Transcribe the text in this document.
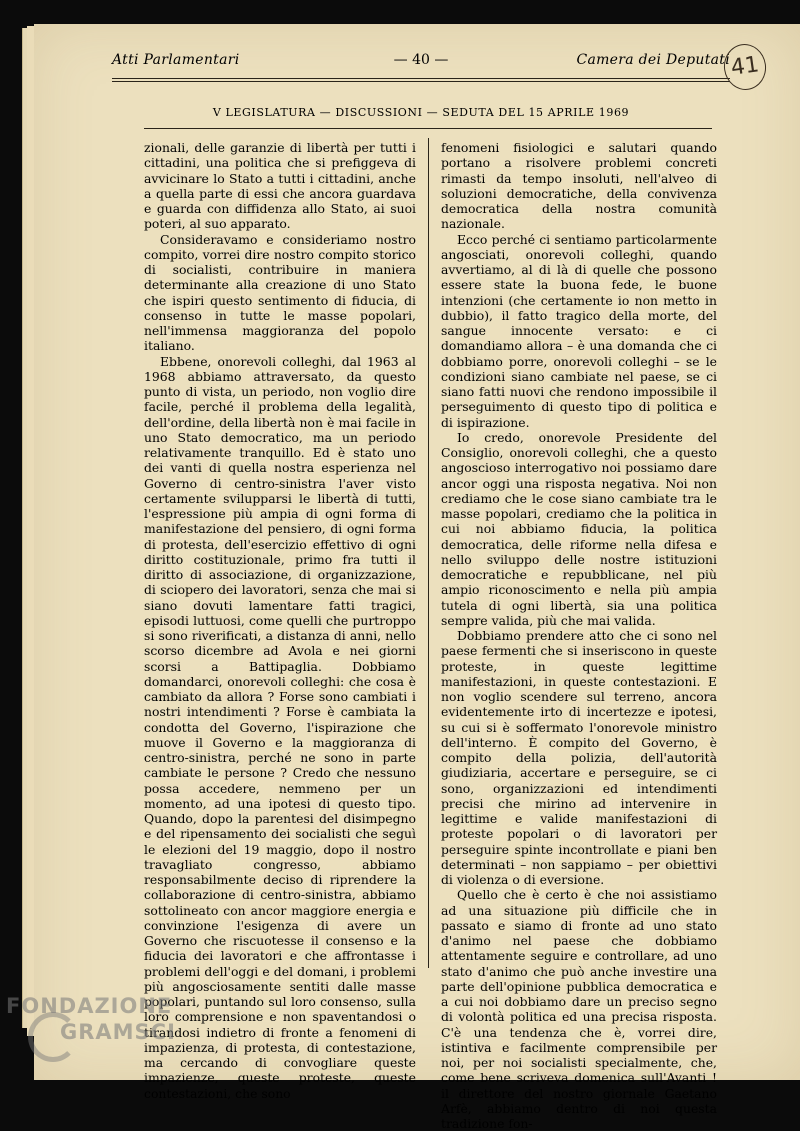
Atti Parlamentari	— 40 —	Camera dei Deputati 41
V LEGISLATURA — DISCUSSIONI — SEDUTA DEL 15 APRILE 1969

zionali, delle garanzie di libertà per tutti i cittadini, una politica che si prefiggeva di avvicinare lo Stato a tutti i cittadini, anche a quella parte di essi che ancora guardava e guarda con diffidenza allo Stato, ai suoi poteri, al suo apparato.

Consideravamo e consideriamo nostro compito, vorrei dire nostro compito storico di socialisti, contribuire in maniera determinante alla creazione di uno Stato che ispiri questo sentimento di fiducia, di consenso in tutte le masse popolari, nell'immensa maggioranza del popolo italiano.

Ebbene, onorevoli colleghi, dal 1963 al 1968 abbiamo attraversato, da questo punto di vista, un periodo, non voglio dire facile, perché il problema della legalità, dell'ordine, della libertà non è mai facile in uno Stato democratico, ma un periodo relativamente tranquillo. Ed è stato uno dei vanti di quella nostra esperienza nel Governo di centro-sinistra l'aver visto certamente svilupparsi le libertà di tutti, l'espressione più ampia di ogni forma di manifestazione del pensiero, di ogni forma di protesta, dell'esercizio effettivo di ogni diritto costituzionale, primo fra tutti il diritto di associazione, di organizzazione, di sciopero dei lavoratori, senza che mai si siano dovuti lamentare fatti tragici, episodi luttuosi, come quelli che purtroppo si sono riverificati, a distanza di anni, nello scorso dicembre ad Avola e nei giorni scorsi a Battipaglia. Dobbiamo domandarci, onorevoli colleghi: che cosa è cambiato da allora ? Forse sono cambiati i nostri intendimenti ? Forse è cambiata la condotta del Governo, l'ispirazione che muove il Governo e la maggioranza di centro-sinistra, perché ne sono in parte cambiate le persone ? Credo che nessuno possa accedere, nemmeno per un momento, ad una ipotesi di questo tipo. Quando, dopo la parentesi del disimpegno e del ripensamento dei socialisti che seguì le elezioni del 19 maggio, dopo il nostro travagliato congresso, abbiamo responsabilmente deciso di riprendere la collaborazione di centro-sinistra, abbiamo sottolineato con ancor maggiore energia e convinzione l'esigenza di avere un Governo che riscuotesse il consenso e la fiducia dei lavoratori e che affrontasse i problemi dell'oggi e del domani, i problemi più angosciosamente sentiti dalle masse popolari, puntando sul loro consenso, sulla loro comprensione e non spaventandosi o tirandosi indietro di fronte a fenomeni di impazienza, di protesta, di contestazione, ma cercando di convogliare queste impazienze, queste proteste, queste contestazioni, che sono

fenomeni fisiologici e salutari quando portano a risolvere problemi concreti rimasti da tempo insoluti, nell'alveo di soluzioni democratiche, della convivenza democratica della nostra comunità nazionale.

Ecco perché ci sentiamo particolarmente angosciati, onorevoli colleghi, quando avvertiamo, al di là di quelle che possono essere state la buona fede, le buone intenzioni (che certamente io non metto in dubbio), il fatto tragico della morte, del sangue innocente versato: e ci domandiamo allora – è una domanda che ci dobbiamo porre, onorevoli colleghi – se le condizioni siano cambiate nel paese, se ci siano fatti nuovi che rendono impossibile il perseguimento di questo tipo di politica e di ispirazione.

Io credo, onorevole Presidente del Consiglio, onorevoli colleghi, che a questo angoscioso interrogativo noi possiamo dare ancor oggi una risposta negativa. Noi non crediamo che le cose siano cambiate tra le masse popolari, crediamo che la politica in cui noi abbiamo fiducia, la politica democratica, delle riforme nella difesa e nello sviluppo delle nostre istituzioni democratiche e repubblicane, nel più ampio riconoscimento e nella più ampia tutela di ogni libertà, sia una politica sempre valida, più che mai valida.

Dobbiamo prendere atto che ci sono nel paese fermenti che si inseriscono in queste proteste, in queste legittime manifestazioni, in queste contestazioni. E non voglio scendere sul terreno, ancora evidentemente irto di incertezze e ipotesi, su cui si è soffermato l'onorevole ministro dell'interno. È compito del Governo, è compito della polizia, dell'autorità giudiziaria, accertare e perseguire, se ci sono, organizzazioni ed intendimenti precisi che mirino ad intervenire in legittime e valide manifestazioni di proteste popolari o di lavoratori per perseguire spinte incontrollate e piani ben determinati – non sappiamo – per obiettivi di violenza o di eversione.

Quello che è certo è che noi assistiamo ad una situazione più difficile che in passato e siamo di fronte ad uno stato d'animo nel paese che dobbiamo attentamente seguire e controllare, ad uno stato d'animo che può anche investire una parte dell'opinione pubblica democratica e a cui noi dobbiamo dare un preciso segno di volontà politica ed una precisa risposta. C'è una tendenza che è, vorrei dire, istintiva e facilmente comprensibile per noi, per noi socialisti specialmente, che, come bene scriveva domenica sull'Avanti ! il direttore del nostro giornale Gaetano Arfè, abbiamo dentro di noi questa tradizione fon-

FONDAZIONE
GRAMSCI
